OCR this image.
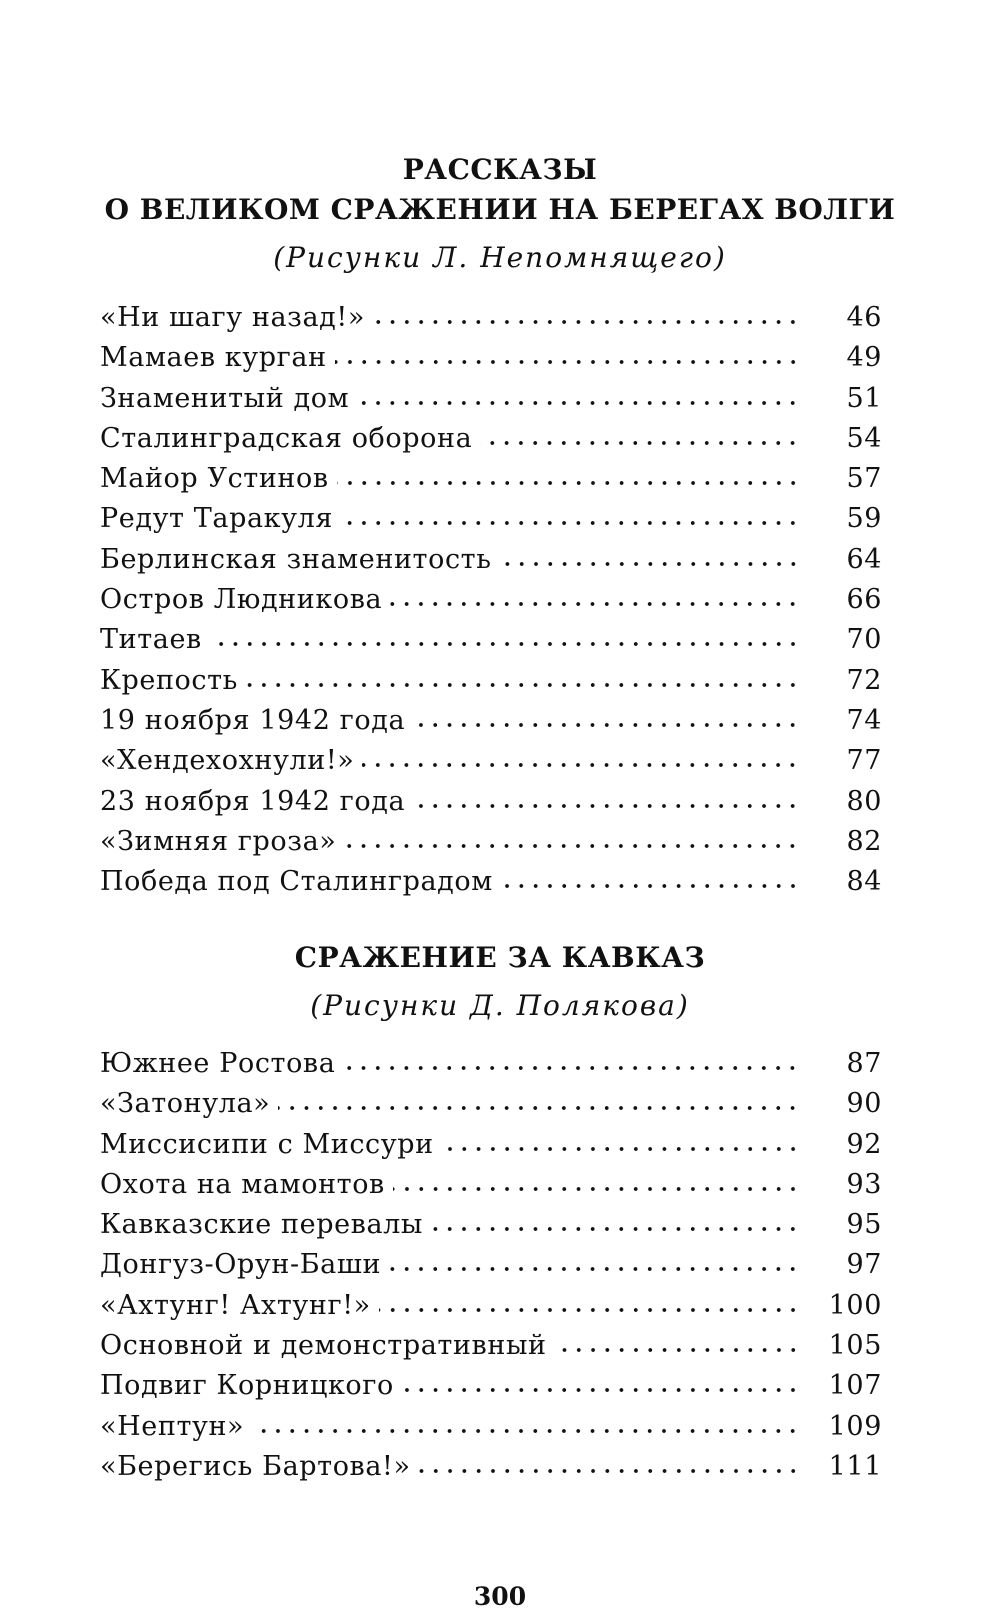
РАССКАЗЫ
О ВЕЛИКОМ СРАЖЕНИИ НА БЕРЕГАХ ВОЛГИ
(Рисунки Л. Непомнящего)
«Ни шагу назад!»	46
Мамаев курган	49
Знаменитый дом	51
Сталинградская оборона	54
Майор Устинов	57
Редут Таракуля	59
Берлинская знаменитость	64
Остров Людникова	66
Титаев	70
Крепость	72
19 ноября 1942 года	74
«Хендехохнули!»	77
23 ноября 1942 года	80
«Зимняя гроза»	82
Победа под Сталинградом	84
СРАЖЕНИЕ ЗА КАВКАЗ
(Рисунки Д. Полякова)
Южнее Ростова	87
«Затонула»	90
Миссисипи с Миссури	92
Охота на мамонтов	93
Кавказские перевалы	95
Донгуз-Орун-Баши	97
«Ахтунг! Ахтунг!»	100
Основной и демонстративный	105
Подвиг Корницкого	107
«Нептун»	109
«Берегись Бартова!»	111
300
